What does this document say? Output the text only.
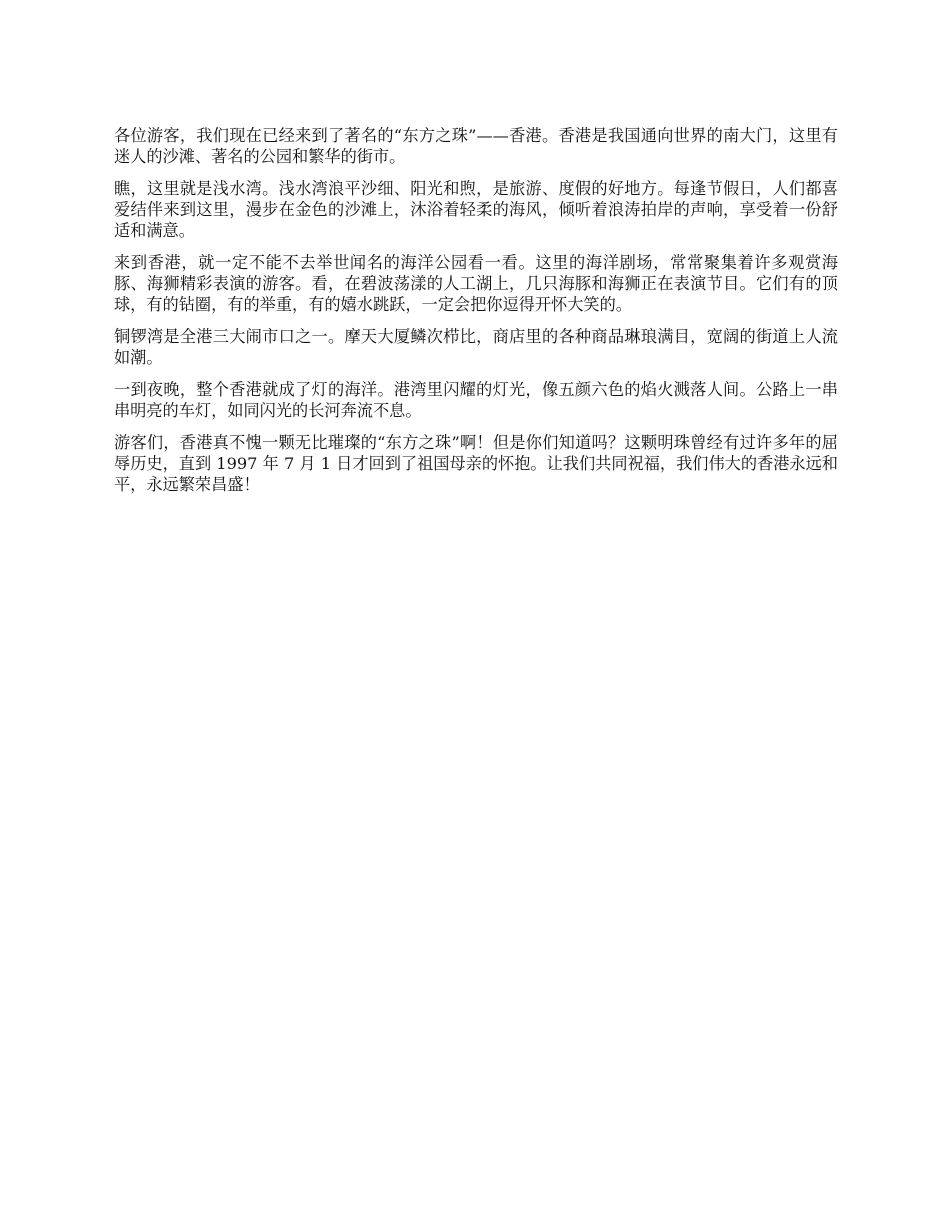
各位游客，我们现在已经来到了著名的“东方之珠”——香港。香港是我国通向世界的南大门，这里有迷人的沙滩、著名的公园和繁华的街市。

瞧，这里就是浅水湾。浅水湾浪平沙细、阳光和煦，是旅游、度假的好地方。每逢节假日，人们都喜爱结伴来到这里，漫步在金色的沙滩上，沐浴着轻柔的海风，倾听着浪涛拍岸的声响，享受着一份舒适和满意。

来到香港，就一定不能不去举世闻名的海洋公园看一看。这里的海洋剧场，常常聚集着许多观赏海豚、海狮精彩表演的游客。看，在碧波荡漾的人工湖上，几只海豚和海狮正在表演节目。它们有的顶球，有的钻圈，有的举重，有的嬉水跳跃，一定会把你逗得开怀大笑的。

铜锣湾是全港三大闹市口之一。摩天大厦鳞次栉比，商店里的各种商品琳琅满目，宽阔的街道上人流如潮。

一到夜晚，整个香港就成了灯的海洋。港湾里闪耀的灯光，像五颜六色的焰火溅落人间。公路上一串串明亮的车灯，如同闪光的长河奔流不息。

游客们，香港真不愧一颗无比璀璨的“东方之珠”啊！但是你们知道吗？这颗明珠曾经有过许多年的屈辱历史，直到 1997 年 7 月 1 日才回到了祖国母亲的怀抱。让我们共同祝福，我们伟大的香港永远和平，永远繁荣昌盛！
